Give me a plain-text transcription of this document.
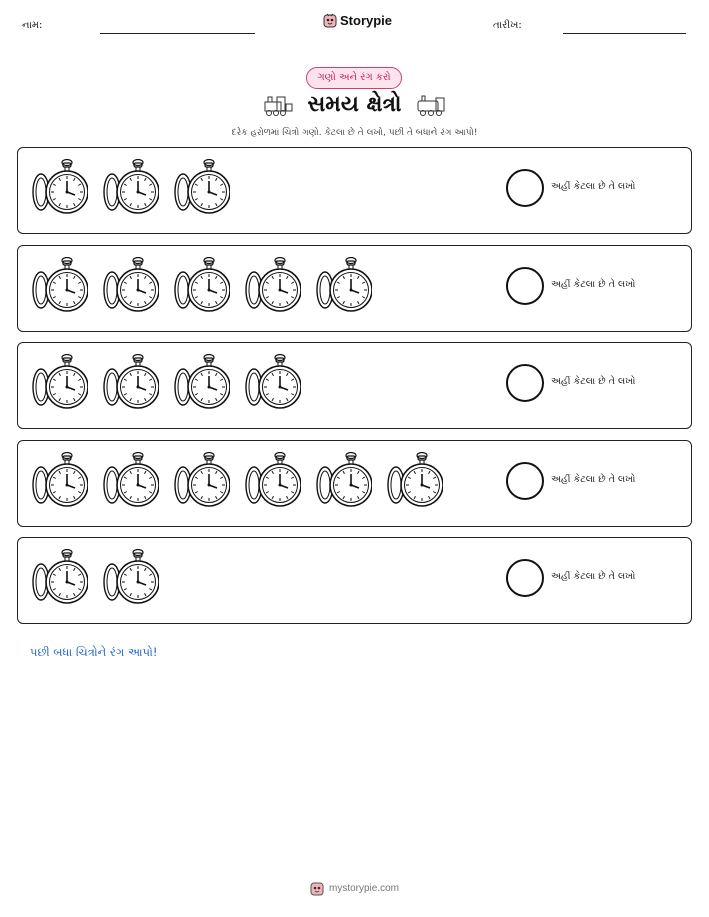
નામ:	Storypie	તારીખ:
ગણો અને રંગ કરો
સમય ક્ષેત્રો
દરેક હરોળમાં ચિત્રો ગણો. કેટલા છે તે લખો, પછી તે બધાને રંગ આપો!
અહીં કેટલા છે તે લખો
અહીં કેટલા છે તે લખો
અહીં કેટલા છે તે લખો
અહીં કેટલા છે તે લખો
અહીં કેટલા છે તે લખો
પછી બધા ચિત્રોને રંગ આપો!
mystorypie.com
